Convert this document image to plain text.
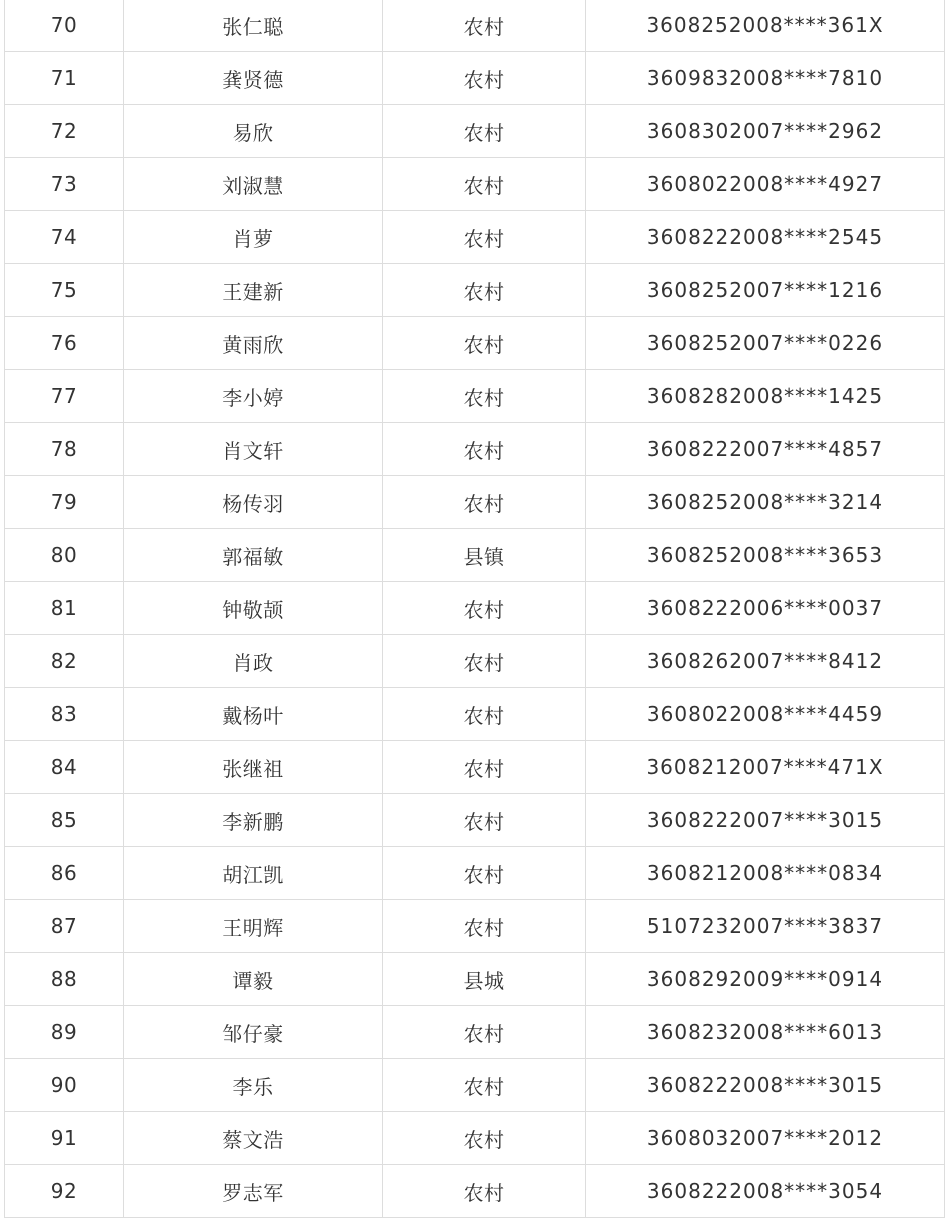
70	张仁聪	农村	3608252008****361X
71	龚贤德	农村	3609832008****7810
72	易欣	农村	3608302007****2962
73	刘淑慧	农村	3608022008****4927
74	肖萝	农村	3608222008****2545
75	王建新	农村	3608252007****1216
76	黄雨欣	农村	3608252007****0226
77	李小婷	农村	3608282008****1425
78	肖文轩	农村	3608222007****4857
79	杨传羽	农村	3608252008****3214
80	郭福敏	县镇	3608252008****3653
81	钟敬颉	农村	3608222006****0037
82	肖政	农村	3608262007****8412
83	戴杨叶	农村	3608022008****4459
84	张继祖	农村	3608212007****471X
85	李新鹏	农村	3608222007****3015
86	胡江凯	农村	3608212008****0834
87	王明辉	农村	5107232007****3837
88	谭毅	县城	3608292009****0914
89	邹仔豪	农村	3608232008****6013
90	李乐	农村	3608222008****3015
91	蔡文浩	农村	3608032007****2012
92	罗志军	农村	3608222008****3054
